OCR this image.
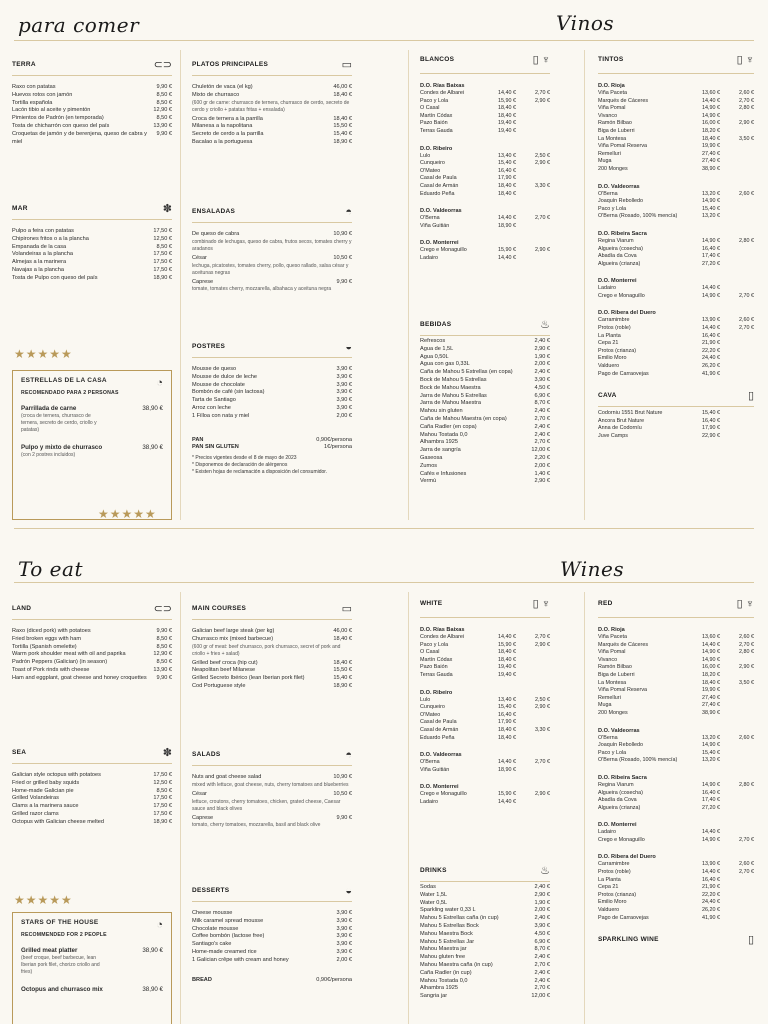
para comer	Vinos
TERRA	⊂⊃
Raxo con patatas	9,90 €
Huevos rotos con jamón	8,50 €
Tortilla española	8,50 €
Lacón tibio al aceite y pimentón	12,90 €
Pimientos de Padrón (en temporada)	8,50 €
Tosta de chicharrón con queso del país	13,90 €
Croquetas de jamón y de berenjena, queso de cabra y miel
9,90 €
MAR	✽
Pulpo a feira con patatas	17,50 €
Chipirones fritos o a la plancha	12,50 €
Empanada de la casa	8,50 €
Volandeiras a la plancha	17,50 €
Almejas a la marinera	17,50 €
Navajas a la plancha	17,50 €
Tosta de Pulpo con queso del país	18,90 €
★★★★★
ESTRELLAS DE LA CASA	◔
RECOMENDADO PARA 2 PERSONAS
Parrillada de carne	38,90 €
(croca de ternera, churrasco de ternera, secreto de cerdo, criollo y patatas)
Pulpo y mixto de churrasco	38,90 €
(con 2 postres incluidos)
★★★★★
PLATOS PRINCIPALES	▭
Chuletón de vaca (el kg)	46,00 €
Mixto de churrasco	18,40 €
(600 gr de carne: churrasco de ternera, churrasco de cerdo, secreto de cerdo y criollo + patatas fritas + ensalada)
Croca de ternera a la parrilla	18,40 €
Milanesa a la napolitana	15,50 €
Secreto de cerdo a la parrilla	15,40 €
Bacalao a la portuguesa	18,90 €
ENSALADAS	◓
De queso de cabra	10,90 €
combinado de lechugas, queso de cabra, frutos secos, tomates cherry y aradanos
César	10,50 €
lechuga, picatostes, tomates cherry, pollo, queso rallado, salsa césar y aceitunas negras
Caprese	9,90 €
tomate, tomates cherry, mozzarella, albahaca y aceituna negra
POSTRES	◒
Mousse de queso	3,90 €
Mousse de dulce de leche	3,90 €
Mousse de chocolate	3,90 €
Bombón de café (sin lactosa)	3,90 €
Tarta de Santiago	3,90 €
Arroz con leche	3,90 €
1 Filloa con nata y miel	2,00 €
PAN	0,90€/persona
PAN SIN GLUTEN	1€/persona
* Precios vigentes desde el 8 de mayo de 2023
* Disponemos de declaración de alérgenos
* Existen hojas de reclamación a disposición del consumidor.
BLANCOS	▯ ♆
D.O. Rías Baixas
Condes de Albarei	14,40 €	2,70 €
Paco y Lola	15,90 €	2,90 €
O Casal	18,40 €
Martín Códax	18,40 €
Pazo Baión	19,40 €
Terras Gauda	19,40 €
D.O. Ribeiro
Lulo	13,40 €	2,50 €
Cunqueiro	15,40 €	2,90 €
O'Mateo	16,40 €
Casal de Paula	17,90 €
Casal de Armán	18,40 €	3,30 €
Eduardo Peña	18,40 €
D.O. Valdeorras
O'Berna	14,40 €	2,70 €
Viña Guitián	18,90 €
D.O. Monterrei
Crego e Monaguillo	15,90 €	2,90 €
Ladairo	14,40 €
BEBIDAS	♨
Refrescos	2,40 €
Agua de 1,5L	2,90 €
Agua 0,50L	1,90 €
Agua con gas 0,33L	2,00 €
Caña de Mahou 5 Estrellas (en copa)	2,40 €
Bock de Mahou 5 Estrellas	3,90 €
Bock de Mahou Maestra	4,50 €
Jarra de Mahou 5 Estrellas	6,90 €
Jarra de Mahou Maestra	8,70 €
Mahou sin gluten	2,40 €
Caña de Mahou Maestra (en copa)	2,70 €
Caña Radler (en copa)	2,40 €
Mahou Tostada 0,0	2,40 €
Alhambra 1925	2,70 €
Jarra de sangría	12,00 €
Gaseosa	2,20 €
Zumos	2,00 €
Cafés e Infusiones	1,40 €
Vermú	2,90 €
TINTOS	▯ ♆
D.O. Rioja
Viña Paceta	13,60 €	2,60 €
Marqués de Cáceres	14,40 €	2,70 €
Viña Pomal	14,90 €	2,80 €
Vivanco	14,90 €
Ramón Bilbao	16,00 €	2,90 €
Biga de Luberri	18,20 €
La Montesa	18,40 €	3,50 €
Viña Pomal Reserva	19,90 €
Remelluri	27,40 €
Muga	27,40 €
200 Monges	38,90 €
D.O. Valdeorras
O'Berna	13,20 €	2,60 €
Joaquín Rebolledo	14,90 €
Paco y Lola	15,40 €
O'Berna (Rosado, 100% mencía)	13,20 €
D.O. Ribeira Sacra
Regina Viarum	14,90 €	2,80 €
Algueira (cosecha)	16,40 €
Abadía da Cova	17,40 €
Algueira (crianza)	27,20 €
D.O. Monterrei
Ladairo	14,40 €
Crego e Monaguillo	14,90 €	2,70 €
D.O. Ribera del Duero
Carramimbre	13,90 €	2,60 €
Protos (roble)	14,40 €	2,70 €
La Planta	16,40 €
Cepa 21	21,90 €
Protos (crianza)	22,20 €
Emilio Moro	24,40 €
Valduero	26,20 €
Pago de Carraovejas	41,90 €
CAVA	▯
Codorniu 1551 Brut Nature	15,40 €
Ancora Brut Nature	16,40 €
Anna de Codorníu	17,90 €
Juve Camps	22,90 €
To eat	Wines
LAND	⊂⊃
Raxo (diced pork) with potatoes	9,90 €
Fried broken eggs with ham	8,50 €
Tortilla (Spanish omelette)	8,50 €
Warm pork shoulder meat with oil and paprika	12,90 €
Padrón Peppers (Galician) (in season)	8,50 €
Toast of Pork rinds with cheese	13,90 €
Ham and eggplant, goat cheese and honey croquettes	9,90 €
SEA	✽
Galician style octopus with potatoes	17,50 €
Fried or grilled baby squids	12,50 €
Home-made Galician pie	8,50 €
Grilled Volandeiras	17,50 €
Clams a la marinera sauce	17,50 €
Grilled razor clams	17,50 €
Octopus with Galician cheese melted	18,90 €
★★★★★
STARS OF THE HOUSE	◔
RECOMMENDED FOR 2 PEOPLE
Grilled meat platter	38,90 €
(beef croque, beef barbecue, lean Iberian pork filet, chorizo criollo and fries)
Octopus and churrasco mix	38,90 €
MAIN COURSES	▭
Galician beef large steak (per kg)	46,00 €
Churrasco mix (mixed barbecue)	18,40 €
(600 gr of meat: beef churrasco, pork churrasco, secret of pork and criollo + fries + salad)
Grilled beef croca (hip cut)	18,40 €
Neapolitan beef Milanese	15,50 €
Grilled Secreto Ibérico (lean Iberian pork filet)	15,40 €
Cod Portuguese style	18,90 €
SALADS	◓
Nuts and goat cheese salad	10,90 €
mixed with lettuce, goat cheese, nuts, cherry tomatoes and blueberries
César	10,50 €
lettuce, croutons, cherry tomatoes, chicken, grated cheese, Caesar sauce and black olives
Caprese	9,90 €
tomato, cherry tomatoes, mozzarella, basil and black olive
DESSERTS	◒
Cheese mousse	3,90 €
Milk caramel spread mousse	3,90 €
Chocolate mousse	3,90 €
Coffee bombón (lactose free)	3,90 €
Santiago's cake	3,90 €
Home-made creamed rice	3,90 €
1 Galician crêpe with cream and honey	2,00 €
BREAD	0,90€/persona
WHITE	▯ ♆
D.O. Rías Baixas
Condes de Albarei	14,40 €	2,70 €
Paco y Lola	15,90 €	2,90 €
O Casal	18,40 €
Martín Códax	18,40 €
Pazo Baión	19,40 €
Terras Gauda	19,40 €
D.O. Ribeiro
Lulo	13,40 €	2,50 €
Cunqueiro	15,40 €	2,90 €
O'Mateo	16,40 €
Casal de Paula	17,90 €
Casal de Armán	18,40 €	3,30 €
Eduardo Peña	18,40 €
D.O. Valdeorras
O'Berna	14,40 €	2,70 €
Viña Guitián	18,90 €
D.O. Monterrei
Crego e Monaguillo	15,90 €	2,90 €
Ladairo	14,40 €
DRINKS	♨
Sodas	2,40 €
Water 1,5L	2,90 €
Water 0,5L	1,90 €
Sparkling water 0,33 L	2,00 €
Mahou 5 Estrellas caña (in cup)	2,40 €
Mahou 5 Estrellas Bock	3,90 €
Mahou Maestra Bock	4,50 €
Mahou 5 Estrellas Jar	6,90 €
Mahou Maestra jar	8,70 €
Mahou gluten free	2,40 €
Mahou Maestra caña (in cup)	2,70 €
Caña Radler (in cup)	2,40 €
Mahou Tostada 0,0	2,40 €
Alhambra 1925	2,70 €
Sangria jar	12,00 €
RED	▯ ♆
D.O. Rioja
Viña Paceta	13,60 €	2,60 €
Marqués de Cáceres	14,40 €	2,70 €
Viña Pomal	14,90 €	2,80 €
Vivanco	14,90 €
Ramón Bilbao	16,00 €	2,90 €
Biga de Luberri	18,20 €
La Montesa	18,40 €	3,50 €
Viña Pomal Reserva	19,90 €
Remelluri	27,40 €
Muga	27,40 €
200 Monges	38,90 €
D.O. Valdeorras
O'Berna	13,20 €	2,60 €
Joaquín Rebolledo	14,90 €
Paco y Lola	15,40 €
O'Berna (Rosado, 100% mencía)	13,20 €
D.O. Ribeira Sacra
Regina Viarum	14,90 €	2,80 €
Algueira (cosecha)	16,40 €
Abadía da Cova	17,40 €
Algueira (crianza)	27,20 €
D.O. Monterrei
Ladairo	14,40 €
Crego e Monaguillo	14,90 €	2,70 €
D.O. Ribera del Duero
Carramimbre	13,90 €	2,60 €
Protos (roble)	14,40 €	2,70 €
La Planta	16,40 €
Cepa 21	21,90 €
Protos (crianza)	22,20 €
Emilio Moro	24,40 €
Valduero	26,20 €
Pago de Carraovejas	41,90 €
SPARKLING WINE	▯
